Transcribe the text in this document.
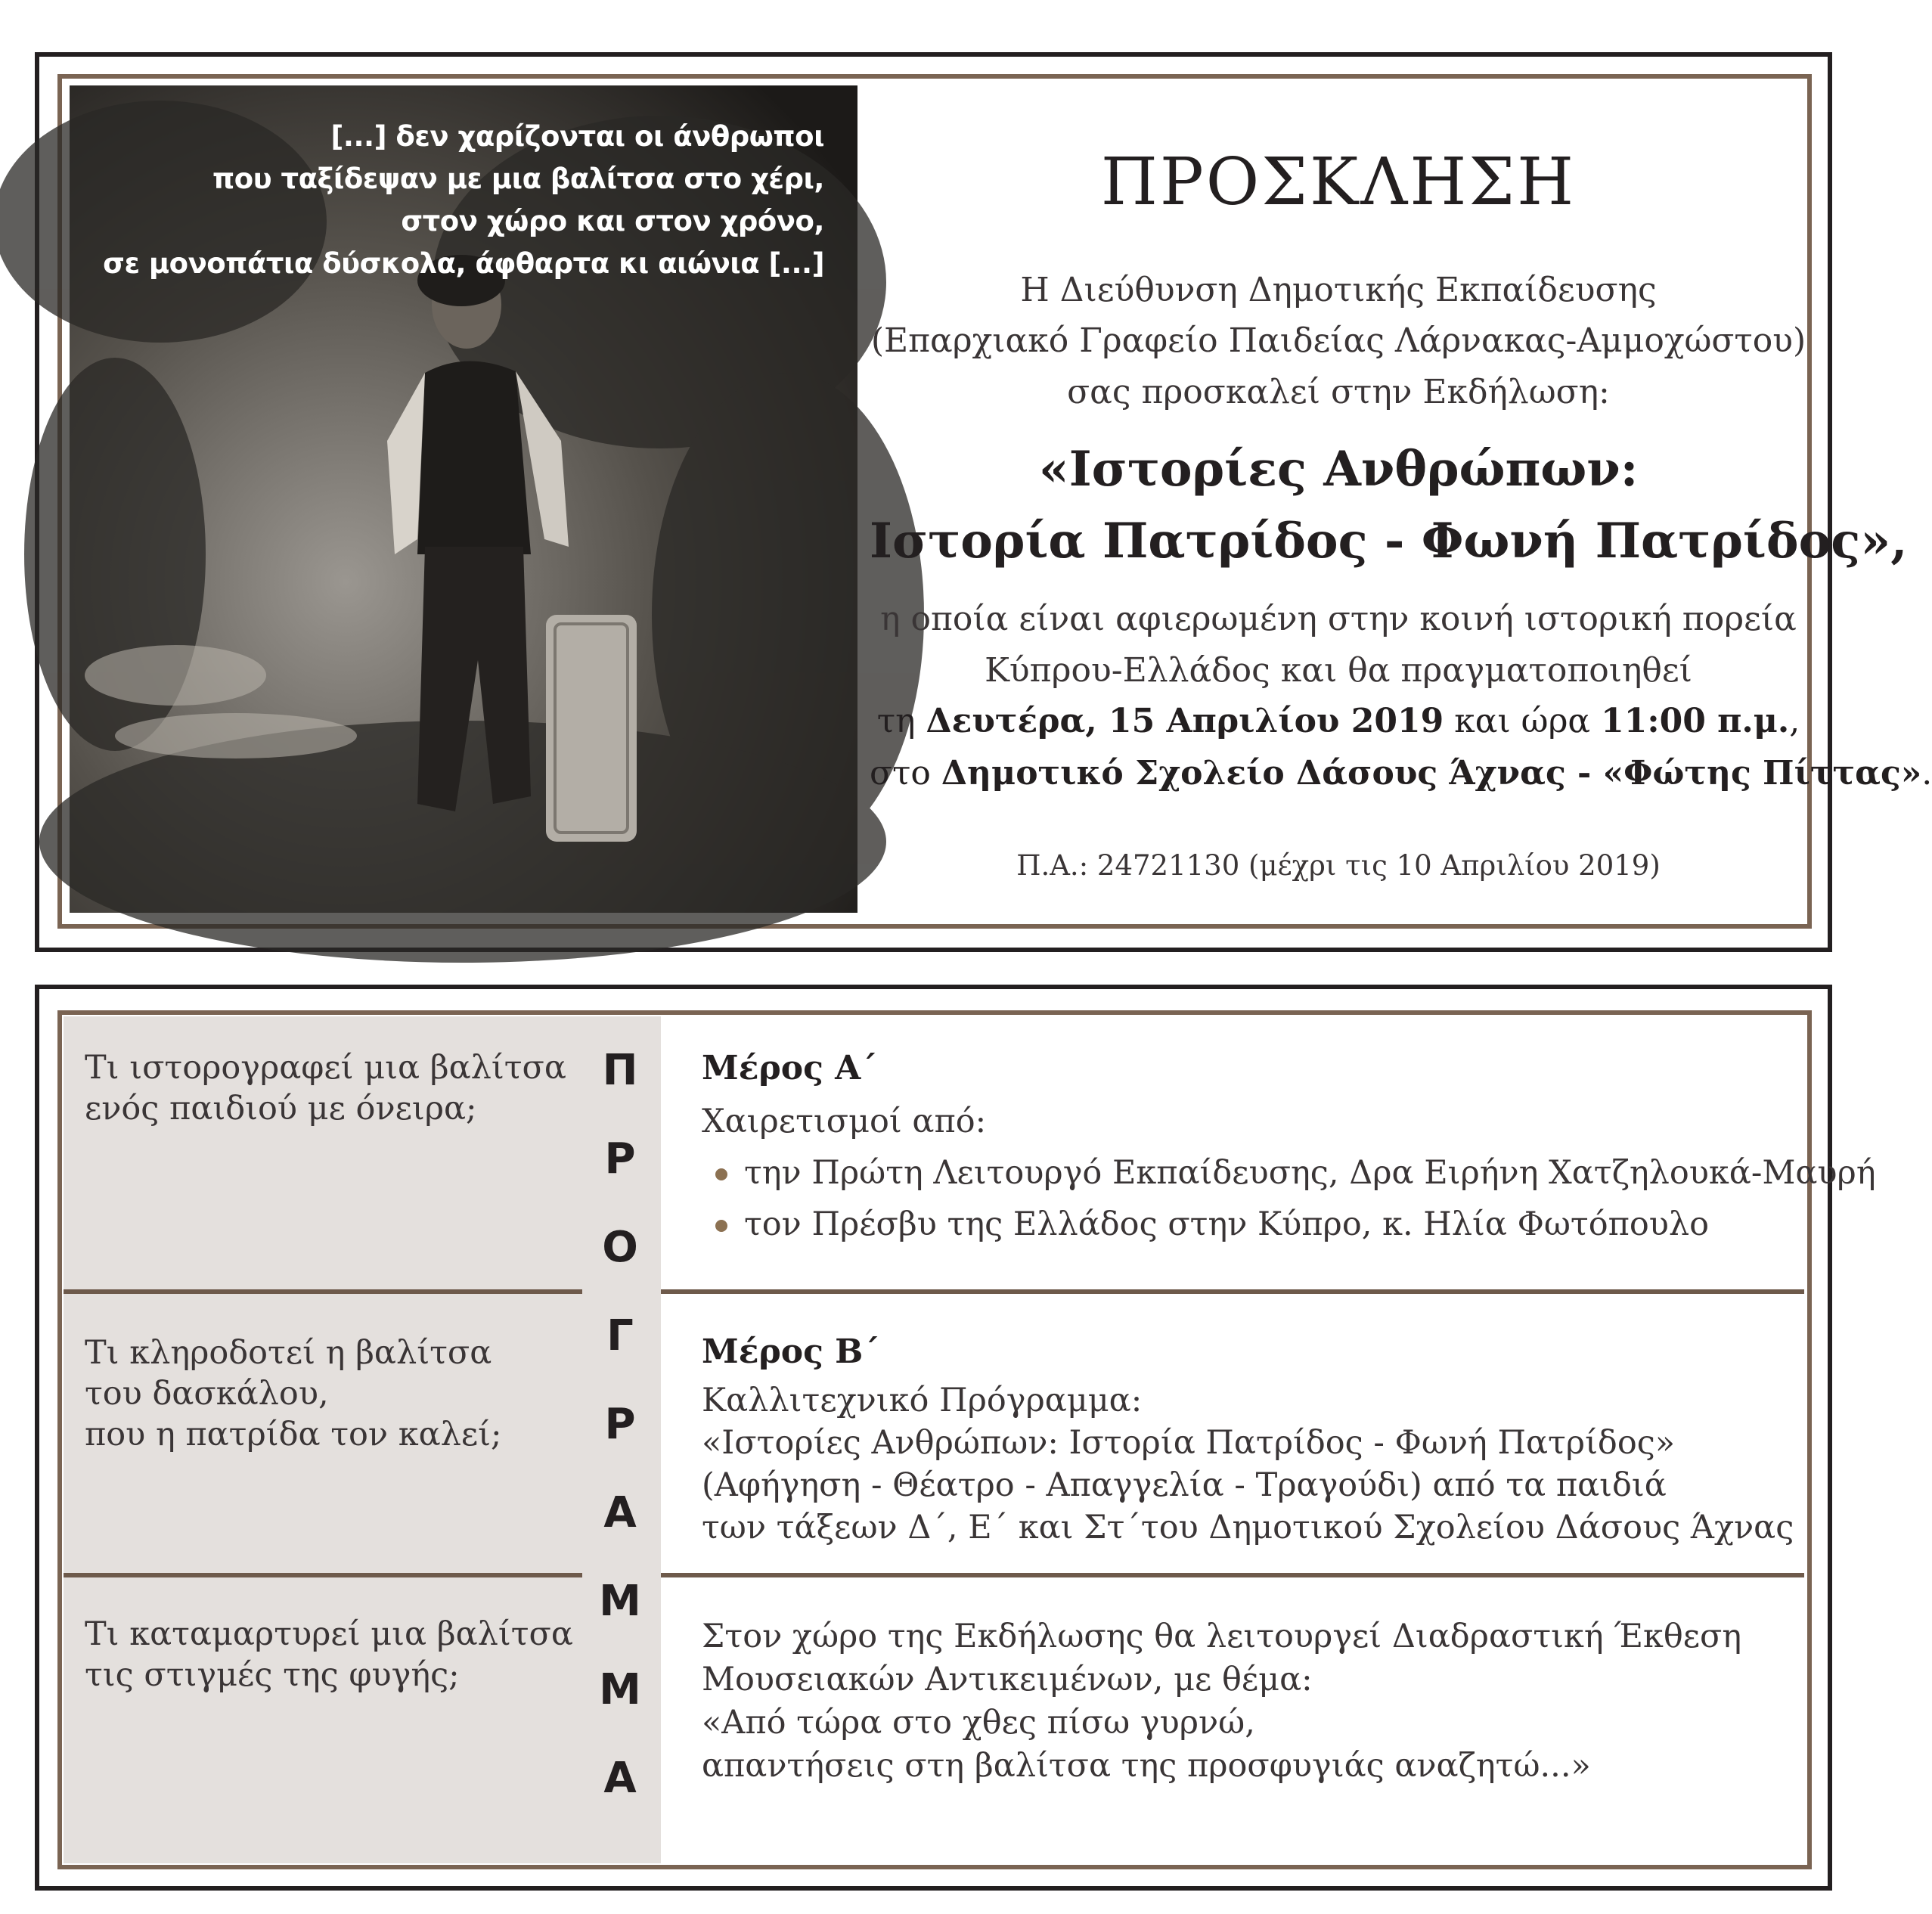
[...] δεν χαρίζονται οι άνθρωποι
που ταξίδεψαν με μια βαλίτσα στο χέρι,
στον χώρο και στον χρόνο,
σε μονοπάτια δύσκολα, άφθαρτα κι αιώνια [...]
ΠΡΟΣΚΛΗΣΗ
Η Διεύθυνση Δημοτικής Εκπαίδευσης
(Επαρχιακό Γραφείο Παιδείας Λάρνακας-Αμμοχώστου)
σας προσκαλεί στην Εκδήλωση:
«Ιστορίες Ανθρώπων:
Ιστορία Πατρίδος - Φωνή Πατρίδος»,
η οποία είναι αφιερωμένη στην κοινή ιστορική πορεία
Κύπρου-Ελλάδος και θα πραγματοποιηθεί
τη Δευτέρα, 15 Απριλίου 2019 και ώρα 11:00 π.μ.,
στο Δημοτικό Σχολείο Δάσους Άχνας - «Φώτης Πίττας».
Π.Α.: 24721130 (μέχρι τις 10 Απριλίου 2019)
Τι ιστορογραφεί μια βαλίτσα
ενός παιδιού με όνειρα;
Τι κληροδοτεί η βαλίτσα
του δασκάλου,
που η πατρίδα τον καλεί;
Τι καταμαρτυρεί μια βαλίτσα
τις στιγμές της φυγής;
Π
Ρ
Ο
Γ
Ρ
Α
Μ
Μ
Α
Μέρος Α΄
Χαιρετισμοί από:
την Πρώτη Λειτουργό Εκπαίδευσης, Δρα Ειρήνη Χατζηλουκά-Μαυρή
τον Πρέσβυ της Ελλάδος στην Κύπρο, κ. Ηλία Φωτόπουλο
Μέρος Β΄
Καλλιτεχνικό Πρόγραμμα:
«Ιστορίες Ανθρώπων: Ιστορία Πατρίδος - Φωνή Πατρίδος»
(Αφήγηση - Θέατρο - Απαγγελία - Τραγούδι) από τα παιδιά
των τάξεων Δ΄, Ε΄ και Στ΄του Δημοτικού Σχολείου Δάσους Άχνας
Στον χώρο της Εκδήλωσης θα λειτουργεί Διαδραστική Έκθεση
Μουσειακών Αντικειμένων, με θέμα:
«Από τώρα στο χθες πίσω γυρνώ,
απαντήσεις στη βαλίτσα της προσφυγιάς αναζητώ...»
